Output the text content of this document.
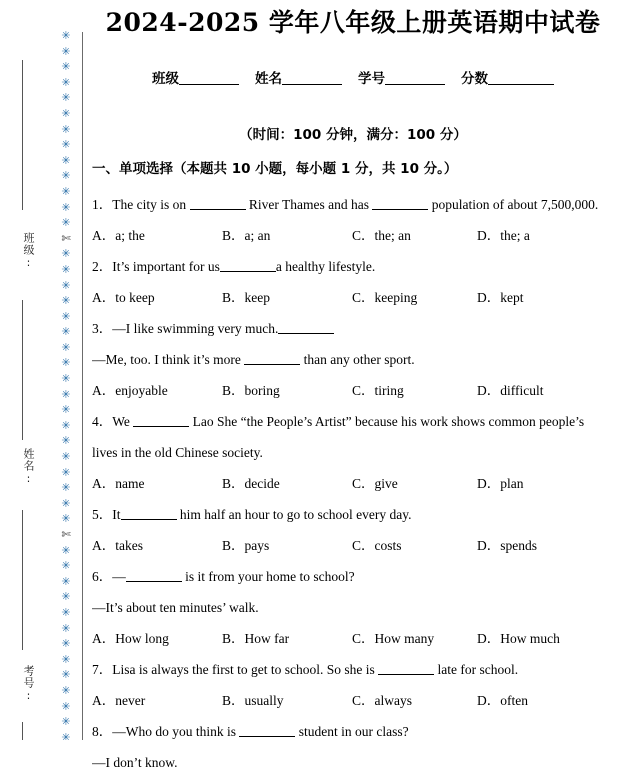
✳
✳
✳
✳
✳
✳
✳
✳
✳
✳
✳
✳
✳
✄
✳
✳
✳
✳
✳
✳
✳
✳
✳
✳
✳
✳
✳
✳
✳
✳
✳
✳
✄
✳
✳
✳
✳
✳
✳
✳
✳
✳
✳
✳
✳
✳
班级:
姓名:
考号:
2024-2025 学年八年级上册英语期中试卷
班级	姓名	学号	分数
（时间：100 分钟，满分：100 分）
一、单项选择（本题共 10 小题，每小题 1 分，共 10 分。）
1．The city is on	River Thames and has	population of about 7,500,000.
A．a; the	B．a; an	C．the; an	D．the; a
2．It’s important for us	a healthy lifestyle.
A．to keep	B．keep	C．keeping	D．kept
3．—I like swimming very much.
—Me, too. I think it’s more	than any other sport.
A．enjoyable	B．boring	C．tiring	D．difficult
4．We	Lao She “the People’s Artist” because his work shows common people’s
lives in the old Chinese society.
A．name	B．decide	C．give	D．plan
5．It	him half an hour to go to school every day.
A．takes	B．pays	C．costs	D．spends
6．—	is it from your home to school?
—It’s about ten minutes’ walk.
A．How long	B．How far	C．How many	D．How much
7．Lisa is always the first to get to school. So she is	late for school.
A．never	B．usually	C．always	D．often
8．—Who do you think is	student in our class?
—I don’t know.
